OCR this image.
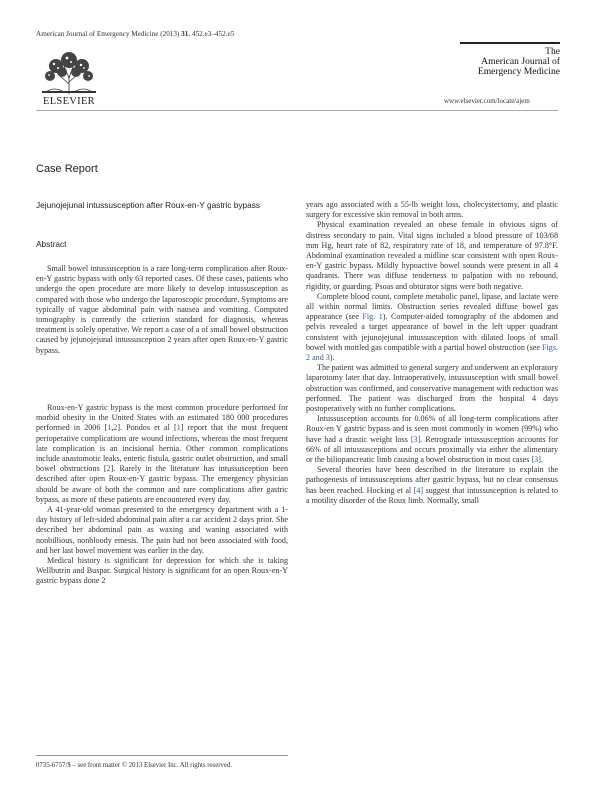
American Journal of Emergency Medicine (2013) 31, 452.e3–452.e5
ELSEVIER
The
American Journal of
Emergency Medicine
www.elsevier.com/locate/ajem
Case Report
Jejunojejunal intussusception after Roux-en-Y gastric bypass
Abstract

Small bowel intussusception is a rare long-term complication after Roux-en-Y gastric bypass with only 63 reported cases. Of these cases, patients who undergo the open procedure are more likely to develop intussusception as compared with those who undergo the laparoscopic procedure. Symptoms are typically of vague abdominal pain with nausea and vomiting. Computed tomography is currently the criterion standard for diagnosis, whereas treatment is solely operative. We report a case of a of small bowel obstruction caused by jejunojejunal intussusception 2 years after open Roux-en-Y gastric bypass.

Roux-en-Y gastric bypass is the most common procedure performed for morbid obesity in the United States with an estimated 180 000 procedures performed in 2006 [1,2]. Pondos et al [1] report that the most frequent perioperative complications are wound infections, whereas the most frequent late complication is an incisional hernia. Other common complications include anastomotic leaks, enteric fistula, gastric outlet obstruction, and small bowel obstructions [2]. Rarely in the literature has intussusception been described after open Roux-en-Y gastric bypass. The emergency physician should be aware of both the common and rare complications after gastric bypass, as more of these patients are encountered every day.

A 41-year-old woman presented to the emergency department with a 1-day history of left-sided abdominal pain after a car accident 2 days prior. She described her abdominal pain as waxing and waning associated with nonbillious, nonbloody emesis. The pain had not been associated with food, and her last bowel movement was earlier in the day.

Medical history is significant for depression for which she is taking Wellbutrin and Buspar. Surgical history is significant for an open Roux-en-Y gastric bypass done 2

years ago associated with a 55-lb weight loss, cholecystectomy, and plastic surgery for excessive skin removal in both arms.

Physical examination revealed an obese female in obvious signs of distress secondary to pain. Vital signs included a blood pressure of 103/68 mm Hg, heart rate of 82, respiratory rate of 18, and temperature of 97.8°F. Abdominal examination revealed a midline scar consistent with open Roux-en-Y gastric bypass. Mildly hypoactive bowel sounds were present in all 4 quadrants. There was diffuse tenderness to palpation with no rebound, rigidity, or guarding. Psoas and obturator signs were both negative.

Complete blood count, complete metabolic panel, lipase, and lactate were all within normal limits. Obstruction series revealed diffuse bowel gas appearance (see Fig. 1). Computer-aided tomography of the abdomen and pelvis revealed a target appearance of bowel in the left upper quadrant consistent with jejunojejunal intussusception with dilated loops of small bowel with mottled gas compatible with a partial bowel obstruction (see Figs. 2 and 3).

The patient was admitted to general surgery and underwent an exploratory laparotomy later that day. Intraoperatively, intussusception with small bowel obstruction was confirmed, and conservative management with reduction was performed. The patient was discharged from the hospital 4 days postoperatively with no further complications.

Intussusception accounts for 0.06% of all long-term complications after Roux-en Y gastric bypass and is seen most commonly in women (99%) who have had a drastic weight loss [3]. Retrograde intussusception accounts for 66% of all intussusceptions and occurs proximally via either the alimentary or the biliopancreatic limb causing a bowel obstruction in most cases [3].

Several theories have been described in the literature to explain the pathogenesis of intussusceptions after gastric bypass, but no clear consensus has been reached. Hocking et al [4] suggest that intussusception is related to a motility disorder of the Roux limb. Normally, small

0735-6757/$ – see front matter © 2013 Elsevier Inc. All rights reserved.
